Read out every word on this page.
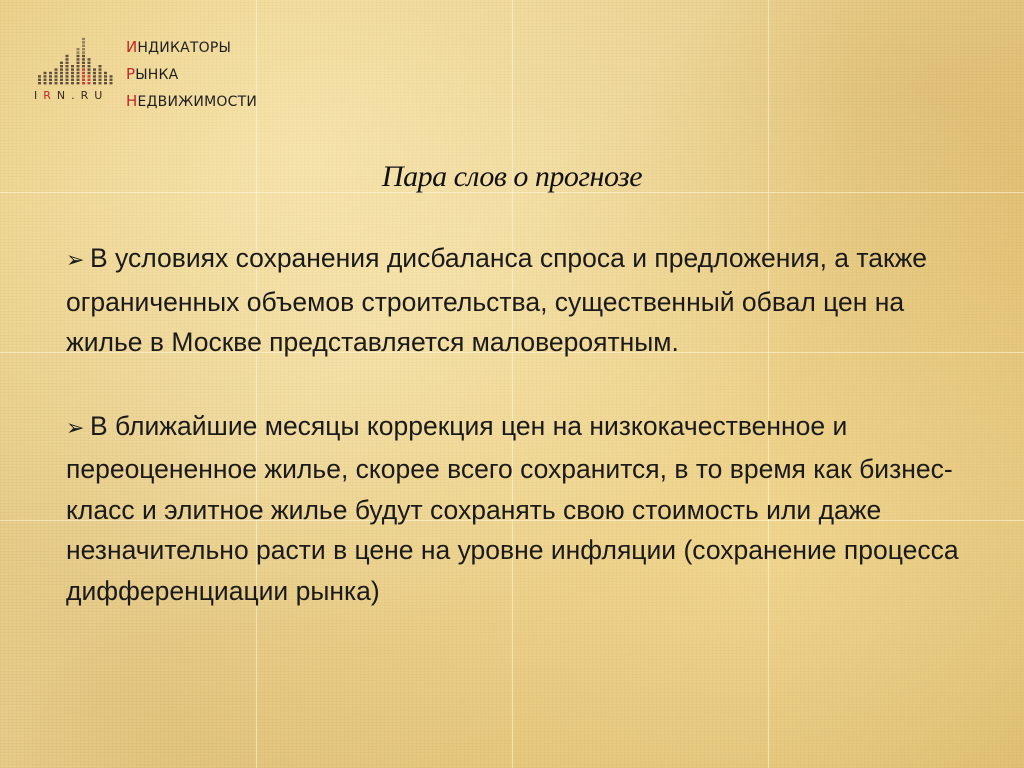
IRN.RU
ИНДИКАТОРЫ
РЫНКА
НЕДВИЖИМОСТИ
Пара слов о прогнозе

➢ В условиях сохранения дисбаланса спроса и предложения, а также ограниченных объемов строительства, существенный обвал цен на жилье в Москве представляется маловероятным.

➢ В ближайшие месяцы коррекция цен на низкокачественное и переоцененное жилье, скорее всего сохранится, в то время как бизнес-класс и элитное жилье будут сохранять свою стоимость или даже незначительно расти в цене на уровне инфляции (сохранение процесса дифференциации рынка)
